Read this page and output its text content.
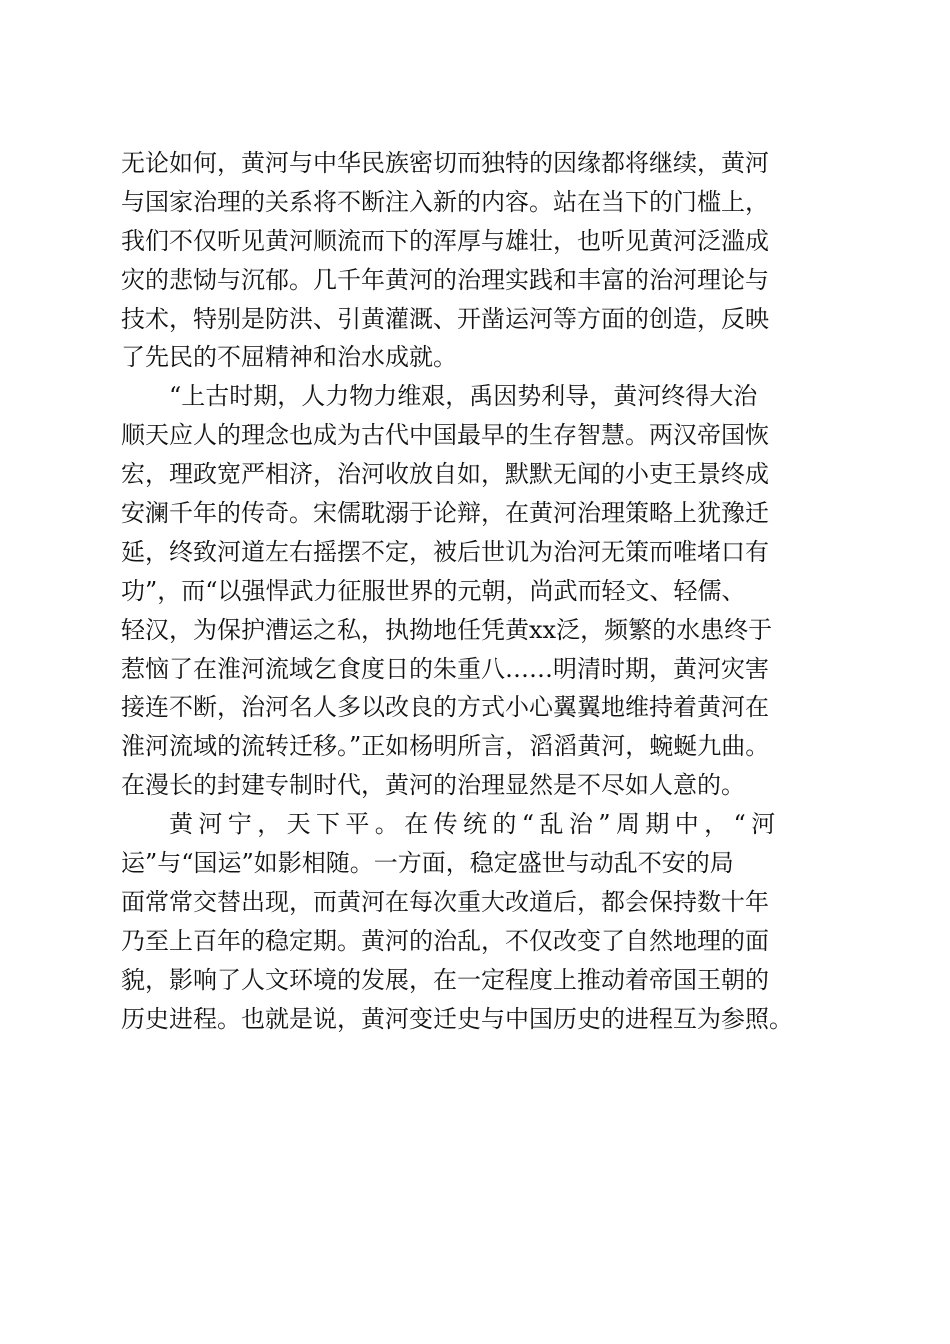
无论如何，黄河与中华民族密切而独特的因缘都将继续，黄河
与国家治理的关系将不断注入新的内容。站在当下的门槛上，
我们不仅听见黄河顺流而下的浑厚与雄壮，也听见黄河泛滥成
灾的悲恸与沉郁。几千年黄河的治理实践和丰富的治河理论与
技术，特别是防洪、引黄灌溉、开凿运河等方面的创造，反映
了先民的不屈精神和治水成就。
“上古时期，人力物力维艰，禹因势利导，黄河终得大治
顺天应人的理念也成为古代中国最早的生存智慧。两汉帝国恢
宏，理政宽严相济，治河收放自如，默默无闻的小吏王景终成
安澜千年的传奇。宋儒耽溺于论辩，在黄河治理策略上犹豫迁
延，终致河道左右摇摆不定，被后世讥为治河无策而唯堵口有
功”，而“以强悍武力征服世界的元朝，尚武而轻文、轻儒、
轻汉，为保护漕运之私，执拗地任凭黄xx泛，频繁的水患终于
惹恼了在淮河流域乞食度日的朱重八……明清时期，黄河灾害
接连不断，治河名人多以改良的方式小心翼翼地维持着黄河在
淮河流域的流转迁移。”正如杨明所言，滔滔黄河，蜿蜒九曲。
在漫长的封建专制时代，黄河的治理显然是不尽如人意的。
黄河宁，天下平。在传统的“乱治”周期中，“河
运”与“国运”如影相随。一方面，稳定盛世与动乱不安的局
面常常交替出现，而黄河在每次重大改道后，都会保持数十年
乃至上百年的稳定期。黄河的治乱，不仅改变了自然地理的面
貌，影响了人文环境的发展，在一定程度上推动着帝国王朝的
历史进程。也就是说，黄河变迁史与中国历史的进程互为参照。
